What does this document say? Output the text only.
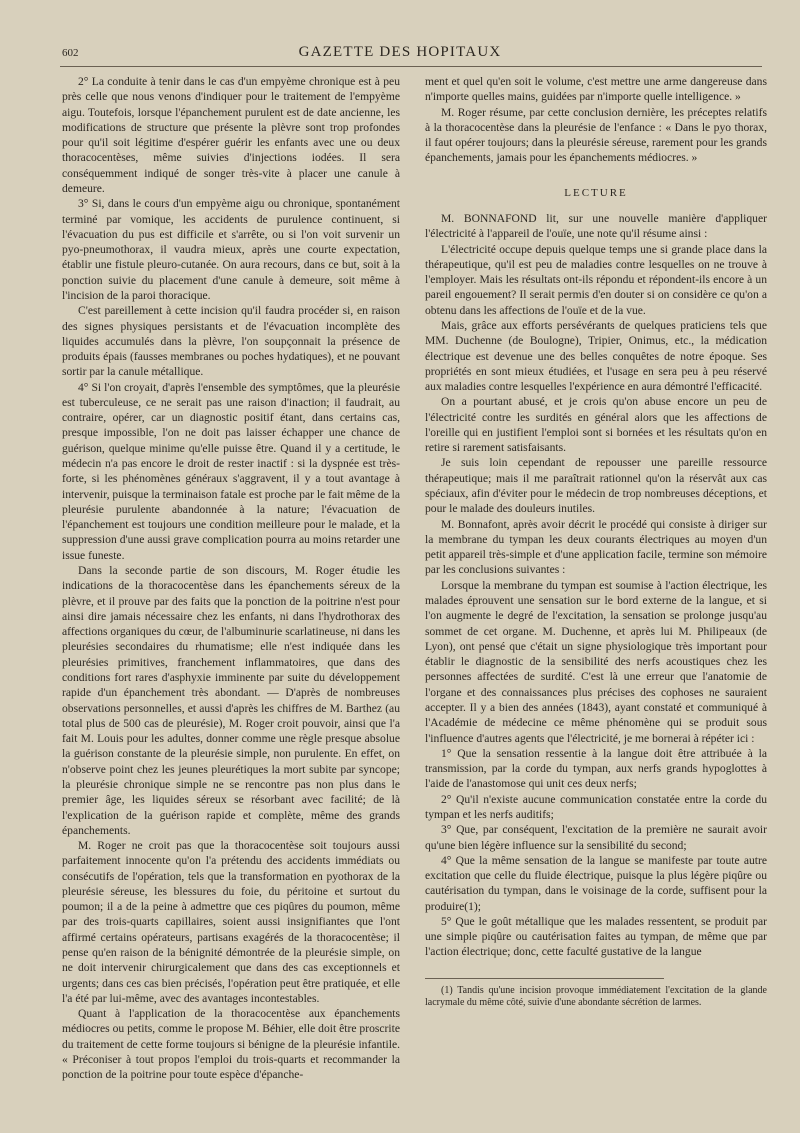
602	GAZETTE DES HOPITAUX

2° La conduite à tenir dans le cas d'un empyème chronique est à peu près celle que nous venons d'indiquer pour le traitement de l'empyème aigu. Toutefois, lorsque l'épanchement purulent est de date ancienne, les modifications de structure que présente la plèvre sont trop profondes pour qu'il soit légitime d'espérer guérir les enfants avec une ou deux thoracocentèses, même suivies d'injections iodées. Il sera conséquemment indiqué de songer très-vite à placer une canule à demeure.

3° Si, dans le cours d'un empyème aigu ou chronique, spontanément terminé par vomique, les accidents de purulence continuent, si l'évacuation du pus est difficile et s'arrête, ou si l'on voit survenir un pyo-pneumothorax, il vaudra mieux, après une courte expectation, établir une fistule pleuro-cutanée. On aura recours, dans ce but, soit à la ponction suivie du placement d'une canule à demeure, soit même à l'incision de la paroi thoracique.

C'est pareillement à cette incision qu'il faudra procéder si, en raison des signes physiques persistants et de l'évacuation incomplète des liquides accumulés dans la plèvre, l'on soupçonnait la présence de produits épais (fausses membranes ou poches hydatiques), et ne pouvant sortir par la canule métallique.

4° Si l'on croyait, d'après l'ensemble des symptômes, que la pleurésie est tuberculeuse, ce ne serait pas une raison d'inaction; il faudrait, au contraire, opérer, car un diagnostic positif étant, dans certains cas, presque impossible, l'on ne doit pas laisser échapper une chance de guérison, quelque minime qu'elle puisse être. Quand il y a certitude, le médecin n'a pas encore le droit de rester inactif : si la dyspnée est très-forte, si les phénomènes généraux s'aggravent, il y a tout avantage à intervenir, puisque la terminaison fatale est proche par le fait même de la pleurésie purulente abandonnée à la nature; l'évacuation de l'épanchement est toujours une condition meilleure pour le malade, et la suppression d'une aussi grave complication pourra au moins retarder une issue funeste.

Dans la seconde partie de son discours, M. Roger étudie les indications de la thoracocentèse dans les épanchements séreux de la plèvre, et il prouve par des faits que la ponction de la poitrine n'est pour ainsi dire jamais nécessaire chez les enfants, ni dans l'hydrothorax des affections organiques du cœur, de l'albuminurie scarlatineuse, ni dans les pleurésies secondaires du rhumatisme; elle n'est indiquée dans les pleurésies primitives, franchement inflammatoires, que dans des conditions fort rares d'asphyxie imminente par suite du développement rapide d'un épanchement très abondant. — D'après de nombreuses observations personnelles, et aussi d'après les chiffres de M. Barthez (au total plus de 500 cas de pleurésie), M. Roger croit pouvoir, ainsi que l'a fait M. Louis pour les adultes, donner comme une règle presque absolue la guérison constante de la pleurésie simple, non purulente. En effet, on n'observe point chez les jeunes pleurétiques la mort subite par syncope; la pleurésie chronique simple ne se rencontre pas non plus dans le premier âge, les liquides séreux se résorbant avec facilité; de là l'explication de la guérison rapide et complète, même des grands épanchements.

M. Roger ne croit pas que la thoracocentèse soit toujours aussi parfaitement innocente qu'on l'a prétendu des accidents immédiats ou consécutifs de l'opération, tels que la transformation en pyothorax de la pleurésie séreuse, les blessures du foie, du péritoine et surtout du poumon; il a de la peine à admettre que ces piqûres du poumon, même par des trois-quarts capillaires, soient aussi insignifiantes que l'ont affirmé certains opérateurs, partisans exagérés de la thoracocentèse; il pense qu'en raison de la bénignité démontrée de la pleurésie simple, on ne doit intervenir chirurgicalement que dans des cas exceptionnels et urgents; dans ces cas bien précisés, l'opération peut être pratiquée, et elle l'a été par lui-même, avec des avantages incontestables.

Quant à l'application de la thoracocentèse aux épanchements médiocres ou petits, comme le propose M. Béhier, elle doit être proscrite du traitement de cette forme toujours si bénigne de la pleurésie infantile. « Préconiser à tout propos l'emploi du trois-quarts et recommander la ponction de la poitrine pour toute espèce d'épanche-

ment et quel qu'en soit le volume, c'est mettre une arme dangereuse dans n'importe quelles mains, guidées par n'importe quelle intelligence. »

M. Roger résume, par cette conclusion dernière, les préceptes relatifs à la thoracocentèse dans la pleurésie de l'enfance : « Dans le pyo thorax, il faut opérer toujours; dans la pleurésie séreuse, rarement pour les grands épanchements, jamais pour les épanchements médiocres. »

LECTURE

M. BONNAFOND lit, sur une nouvelle manière d'appliquer l'électricité à l'appareil de l'ouïe, une note qu'il résume ainsi :

L'électricité occupe depuis quelque temps une si grande place dans la thérapeutique, qu'il est peu de maladies contre lesquelles on ne trouve à l'employer. Mais les résultats ont-ils répondu et répondent-ils encore à un pareil engouement? Il serait permis d'en douter si on considère ce qu'on a obtenu dans les affections de l'ouïe et de la vue.

Mais, grâce aux efforts persévérants de quelques praticiens tels que MM. Duchenne (de Boulogne), Tripier, Onimus, etc., la médication électrique est devenue une des belles conquêtes de notre époque. Ses propriétés en sont mieux étudiées, et l'usage en sera peu à peu réservé aux maladies contre lesquelles l'expérience en aura démontré l'efficacité.

On a pourtant abusé, et je crois qu'on abuse encore un peu de l'électricité contre les surdités en général alors que les affections de l'oreille qui en justifient l'emploi sont si bornées et les résultats qu'on en retire si rarement satisfaisants.

Je suis loin cependant de repousser une pareille ressource thérapeutique; mais il me paraîtrait rationnel qu'on la réservât aux cas spéciaux, afin d'éviter pour le médecin de trop nombreuses déceptions, et pour le malade des douleurs inutiles.

M. Bonnafont, après avoir décrit le procédé qui consiste à diriger sur la membrane du tympan les deux courants électriques au moyen d'un petit appareil très-simple et d'une application facile, termine son mémoire par les conclusions suivantes :

Lorsque la membrane du tympan est soumise à l'action électrique, les malades éprouvent une sensation sur le bord externe de la langue, et si l'on augmente le degré de l'excitation, la sensation se prolonge jusqu'au sommet de cet organe. M. Duchenne, et après lui M. Philipeaux (de Lyon), ont pensé que c'était un signe physiologique très important pour établir le diagnostic de la sensibilité des nerfs acoustiques chez les personnes affectées de surdité. C'est là une erreur que l'anatomie de l'organe et des connaissances plus précises des cophoses ne sauraient accepter. Il y a bien des années (1843), ayant constaté et communiqué à l'Académie de médecine ce même phénomène qui se produit sous l'influence d'autres agents que l'électricité, je me bornerai à répéter ici :

1° Que la sensation ressentie à la langue doit être attribuée à la transmission, par la corde du tympan, aux nerfs grands hypoglottes à l'aide de l'anastomose qui unit ces deux nerfs;

2° Qu'il n'existe aucune communication constatée entre la corde du tympan et les nerfs auditifs;

3° Que, par conséquent, l'excitation de la première ne saurait avoir qu'une bien légère influence sur la sensibilité du second;

4° Que la même sensation de la langue se manifeste par toute autre excitation que celle du fluide électrique, puisque la plus légère piqûre ou cautérisation du tympan, dans le voisinage de la corde, suffisent pour la produire(1);

5° Que le goût métallique que les malades ressentent, se produit par une simple piqûre ou cautérisation faites au tympan, de même que par l'action électrique; donc, cette faculté gustative de la langue

(1) Tandis qu'une incision provoque immédiatement l'excitation de la glande lacrymale du même côté, suivie d'une abondante sécrétion de larmes.
